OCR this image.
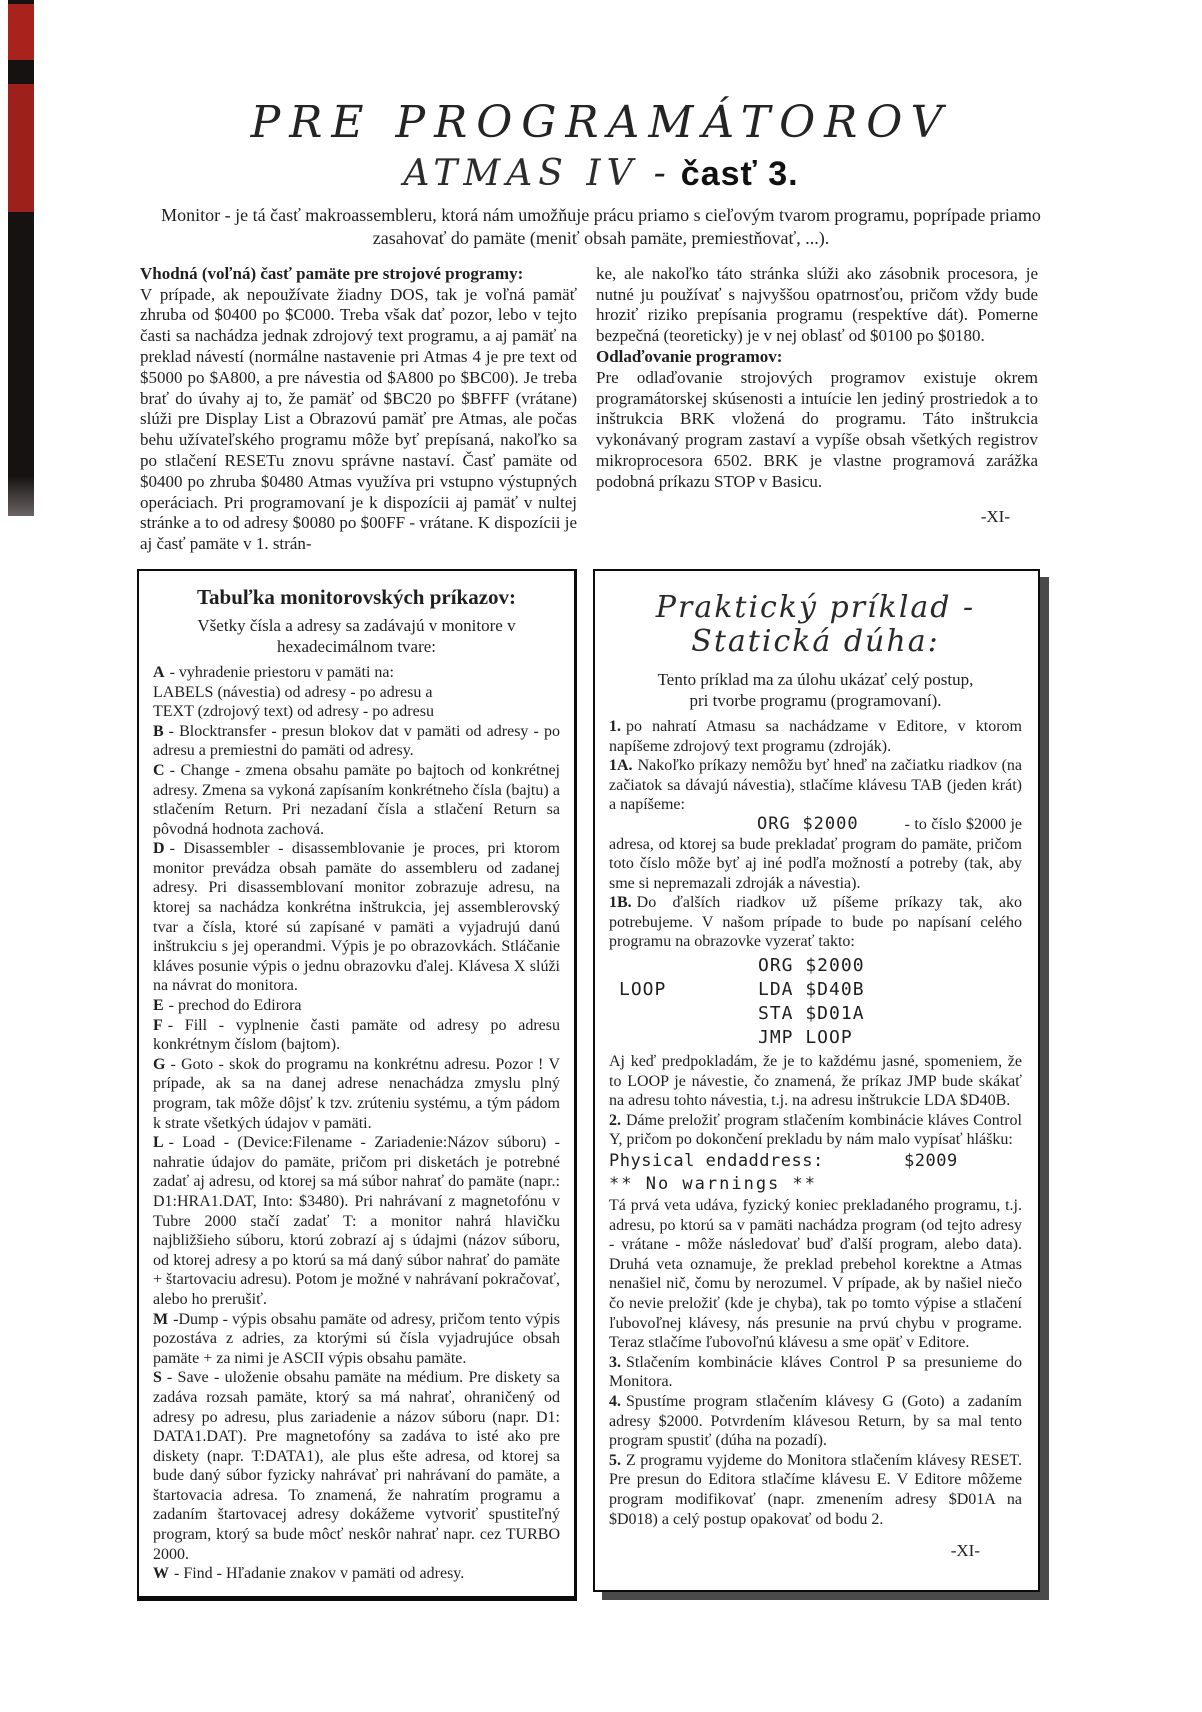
PRE PROGRAMÁTOROV
ATMAS IV - časť 3.

Monitor - je tá časť makroassembleru, ktorá nám umožňuje prácu priamo s cieľovým tvarom programu, poprípade priamo

zasahovať do pamäte (meniť obsah pamäte, premiestňovať, ...).

Vhodná (voľná) časť pamäte pre strojové programy:

V prípade, ak nepoužívate žiadny DOS, tak je voľná pamäť zhruba od $0400 po $C000. Treba však dať pozor, lebo v tejto časti sa nachádza jednak zdrojový text programu, a aj pamäť na preklad návestí (normálne nastavenie pri Atmas 4 je pre text od $5000 po $A800, a pre návestia od $A800 po $BC00). Je treba brať do úvahy aj to, že pamäť od $BC20 po $BFFF (vrátane) slúži pre Display List a Obrazovú pamäť pre Atmas, ale počas behu užívateľského programu môže byť prepísaná, nakoľko sa po stlačení RESETu znovu správne nastaví. Časť pamäte od $0400 po zhruba $0480 Atmas využíva pri vstupno výstupných operáciach. Pri programovaní je k dispozícii aj pamäť v nultej stránke a to od adresy $0080 po $00FF - vrátane. K dispozícii je aj časť pamäte v 1. strán-

ke, ale nakoľko táto stránka slúži ako zásobnik procesora, je nutné ju používať s najvyššou opatrnosťou, pričom vždy bude hroziť riziko prepísania programu (respektíve dát). Pomerne bezpečná (teoreticky) je v nej oblasť od $0100 po $0180.

Odlaďovanie programov:

Pre odlaďovanie strojových programov existuje okrem programátorskej skúsenosti a intuície len jediný prostriedok a to inštrukcia BRK vložená do programu. Táto inštrukcia vykonávaný program zastaví a vypíše obsah všetkých registrov mikroprocesora 6502. BRK je vlastne programová zarážka podobná príkazu STOP v Basicu.

-XI-

Tabuľka monitorovských príkazov:

Všetky čísla a adresy sa zadávajú v monitore v hexadecimálnom tvare:

A - vyhradenie priestoru v pamäti na:

LABELS (návestia) od adresy - po adresu a

TEXT (zdrojový text) od adresy - po adresu

B - Blocktransfer - presun blokov dat v pamäti od adresy - po adresu a premiestni do pamäti od adresy.

C - Change - zmena obsahu pamäte po bajtoch od konkrétnej adresy. Zmena sa vykoná zapísaním konkrétneho čísla (bajtu) a stlačením Return. Pri nezadaní čísla a stlačení Return sa pôvodná hodnota zachová.

D - Disassembler - disassemblovanie je proces, pri ktorom monitor prevádza obsah pamäte do assembleru od zadanej adresy. Pri disassemblovaní monitor zobrazuje adresu, na ktorej sa nachádza konkrétna inštrukcia, jej assemblerovský tvar a čísla, ktoré sú zapísané v pamäti a vyjadrujú danú inštrukciu s jej operandmi. Výpis je po obrazovkách. Stláčanie kláves posunie výpis o jednu obrazovku ďalej. Klávesa X slúži na návrat do monitora.

E - prechod do Edirora

F - Fill - vyplnenie časti pamäte od adresy po adresu konkrétnym číslom (bajtom).

G - Goto - skok do programu na konkrétnu adresu. Pozor ! V prípade, ak sa na danej adrese nenachádza zmyslu plný program, tak môže dôjsť k tzv. zrúteniu systému, a tým pádom k strate všetkých údajov v pamäti.

L - Load - (Device:Filename - Zariadenie:Názov súboru) - nahratie údajov do pamäte, pričom pri disketách je potrebné zadať aj adresu, od ktorej sa má súbor nahrať do pamäte (napr.: D1:HRA1.DAT, Into: $3480). Pri nahrávaní z magnetofónu v Tubre 2000 stačí zadať T: a monitor nahrá hlavičku najbližšieho súboru, ktorú zobrazí aj s údajmi (názov súboru, od ktorej adresy a po ktorú sa má daný súbor nahrať do pamäte + štartovaciu adresu). Potom je možné v nahrávaní pokračovať, alebo ho prerušiť.

M -Dump - výpis obsahu pamäte od adresy, pričom tento výpis pozostáva z adries, za ktorými sú čísla vyjadrujúce obsah pamäte + za nimi je ASCII výpis obsahu pamäte.

S - Save - uloženie obsahu pamäte na médium. Pre diskety sa zadáva rozsah pamäte, ktorý sa má nahrať, ohraničený od adresy po adresu, plus zariadenie a názov súboru (napr. D1: DATA1.DAT). Pre magnetofóny sa zadáva to isté ako pre diskety (napr. T:DATA1), ale plus ešte adresa, od ktorej sa bude daný súbor fyzicky nahrávať pri nahrávaní do pamäte, a štartovacia adresa. To znamená, že nahratím programu a zadaním štartovacej adresy dokážeme vytvoriť spustiteľný program, ktorý sa bude môcť neskôr nahrať napr. cez TURBO 2000.

W - Find - Hľadanie znakov v pamäti od adresy.

Praktický príklad - Statická dúha:

Tento príklad ma za úlohu ukázať celý postup,

pri tvorbe programu (programovaní).

1. po nahratí Atmasu sa nachádzame v Editore, v ktorom napíšeme zdrojový text programu (zdroják).

1A. Nakoľko príkazy nemôžu byť hneď na začiatku riadkov (na začiatok sa dávajú návestia), stlačíme klávesu TAB (jeden krát) a napíšeme:

ORG $2000	- to číslo $2000 je adresa, od ktorej sa bude prekladať program do pamäte, pričom toto číslo môže byť aj iné podľa možností a potreby (tak, aby sme si nepremazali zdroják a návestia).

1B. Do ďalších riadkov už píšeme príkazy tak, ako potrebujeme. V našom prípade to bude po napísaní celého programu na obrazovke vyzerať takto:

ORG $2000
LOOP	LDA $D40B
STA $D01A
JMP LOOP

Aj keď predpokladám, že je to každému jasné, spomeniem, že to LOOP je návestie, čo znamená, že príkaz JMP bude skákať na adresu tohto návestia, t.j. na adresu inštrukcie LDA $D40B.

2. Dáme preložiť program stlačením kombinácie kláves Control Y, pričom po dokončení prekladu by nám malo vypísať hlášku:

Physical endaddress:	$2009
** No warnings **

Tá prvá veta udáva, fyzický koniec prekladaného programu, t.j. adresu, po ktorú sa v pamäti nachádza program (od tejto adresy - vrátane - môže následovať buď ďalší program, alebo data). Druhá veta oznamuje, že preklad prebehol korektne a Atmas nenašiel nič, čomu by nerozumel. V prípade, ak by našiel niečo čo nevie preložiť (kde je chyba), tak po tomto výpise a stlačení ľubovoľnej klávesy, nás presunie na prvú chybu v programe. Teraz stlačíme ľubovoľnú klávesu a sme opäť v Editore.

3. Stlačením kombinácie kláves Control P sa presunieme do Monitora.

4. Spustíme program stlačením klávesy G (Goto) a zadaním adresy $2000. Potvrdením klávesou Return, by sa mal tento program spustiť (dúha na pozadí).

5. Z programu vyjdeme do Monitora stlačením klávesy RESET. Pre presun do Editora stlačíme klávesu E. V Editore môžeme program modifikovať (napr. zmenením adresy $D01A na $D018) a celý postup opakovať od bodu 2.

-XI-
